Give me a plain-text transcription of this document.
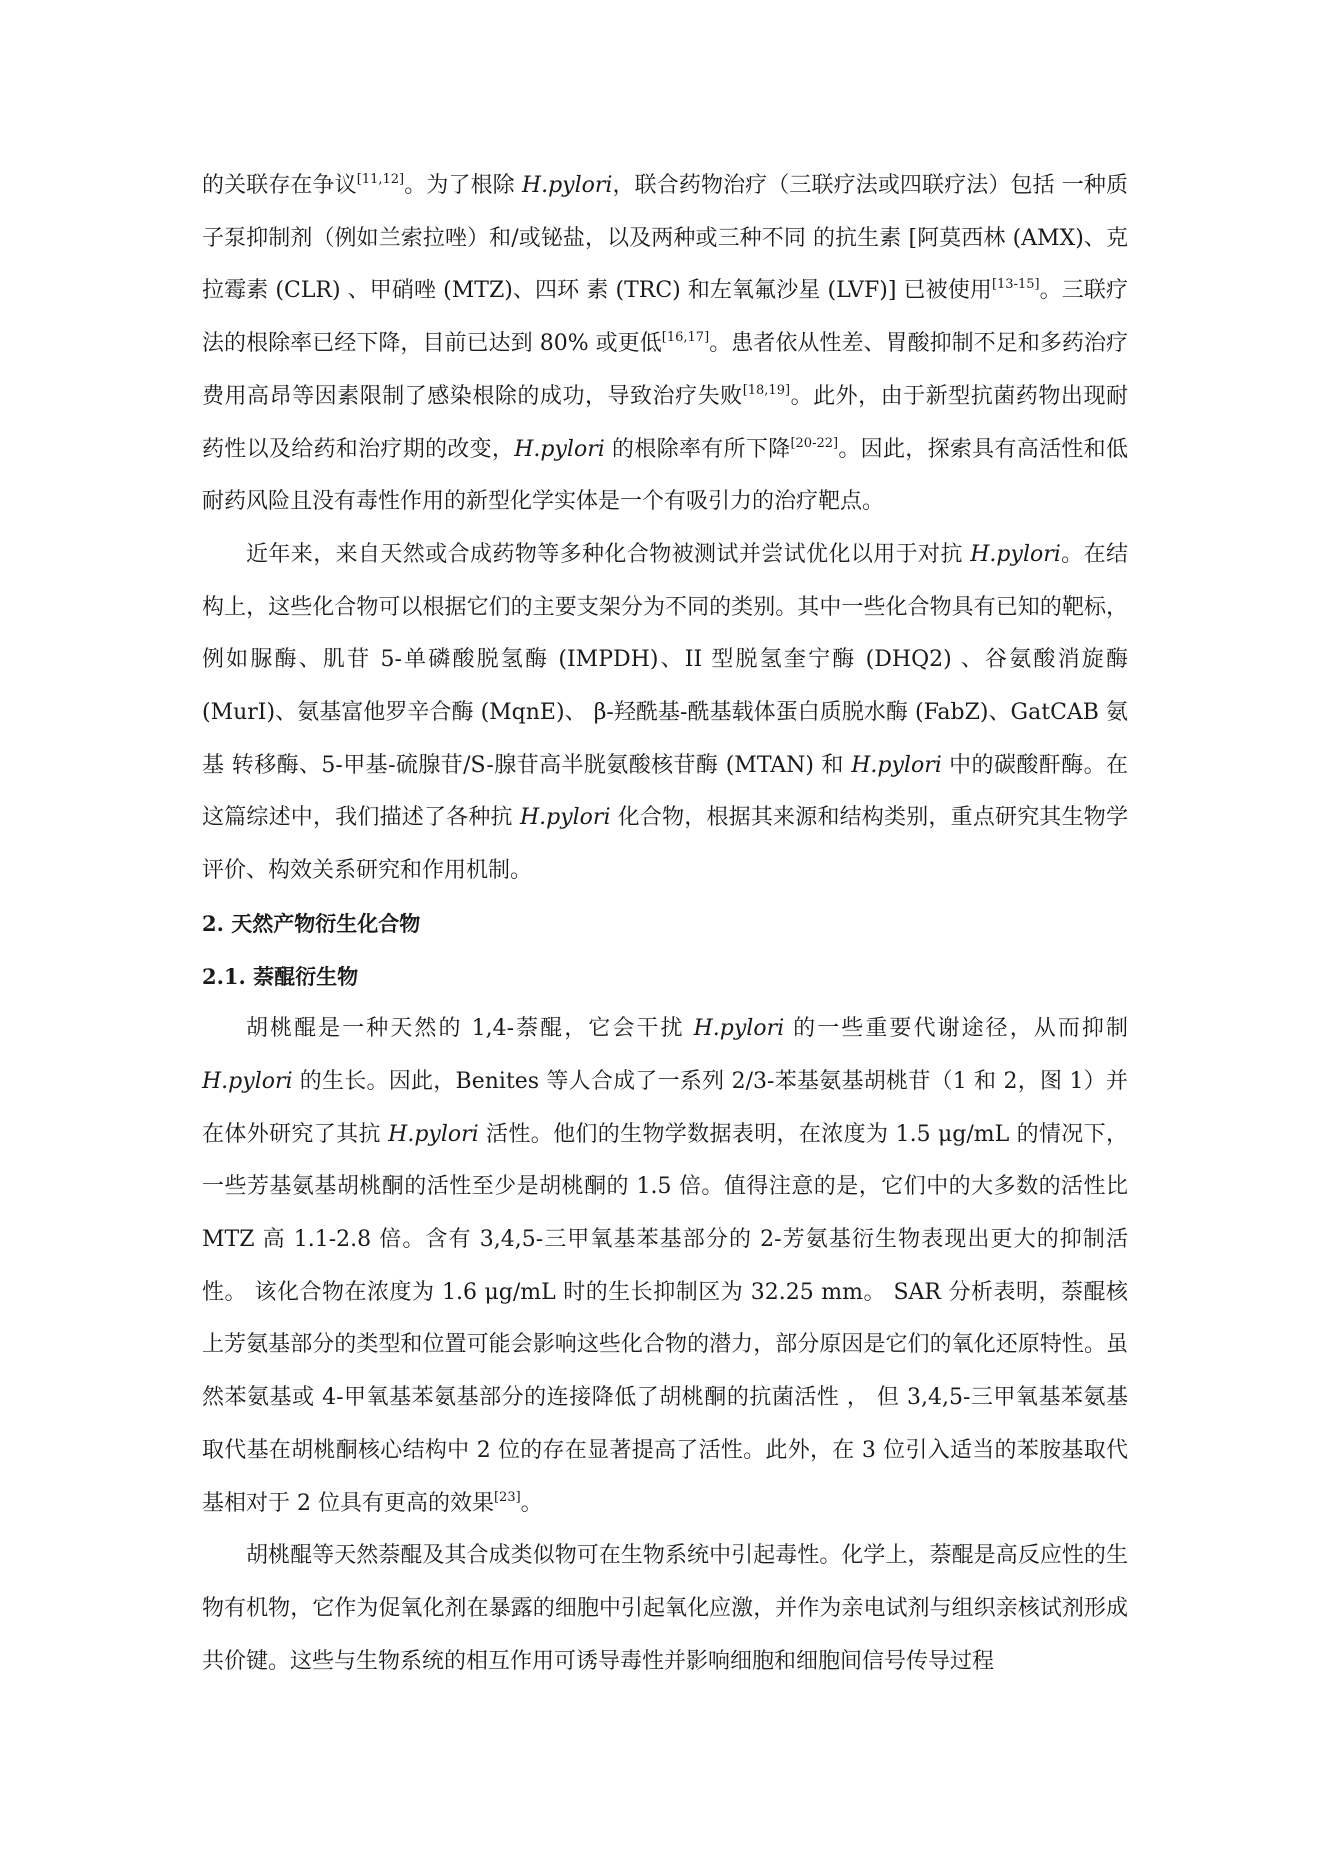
的关联存在争议[11,12]。为了根除 H.pylori，联合药物治疗（三联疗法或四联疗法）包括 一种质子泵抑制剂（例如兰索拉唑）和/或铋盐，以及两种或三种不同 的抗生素 [阿莫西林 (AMX)、克拉霉素 (CLR) 、甲硝唑 (MTZ)、四环 素 (TRC) 和左氧氟沙星 (LVF)] 已被使用[13-15]。三联疗法的根除率已经下降，目前已达到 80% 或更低[16,17]。患者依从性差、胃酸抑制不足和多药治疗费用高昂等因素限制了感染根除的成功，导致治疗失败[18,19]。此外，由于新型抗菌药物出现耐药性以及给药和治疗期的改变，H.pylori 的根除率有所下降[20-22]。因此，探索具有高活性和低耐药风险且没有毒性作用的新型化学实体是一个有吸引力的治疗靶点。

近年来，来自天然或合成药物等多种化合物被测试并尝试优化以用于对抗 H.pylori。在结构上，这些化合物可以根据它们的主要支架分为不同的类别。其中一些化合物具有已知的靶标，例如脲酶、肌苷 5-单磷酸脱氢酶 (IMPDH)、II 型脱氢奎宁酶 (DHQ2) 、谷氨酸消旋酶 (MurI)、氨基富他罗辛合酶 (MqnE)、 β-羟酰基-酰基载体蛋白质脱水酶 (FabZ)、GatCAB 氨基 转移酶、5-甲基-硫腺苷/S-腺苷高半胱氨酸核苷酶 (MTAN) 和 H.pylori 中的碳酸酐酶。在这篇综述中，我们描述了各种抗 H.pylori 化合物，根据其来源和结构类别，重点研究其生物学评价、构效关系研究和作用机制。

2. 天然产物衍生化合物

2.1. 萘醌衍生物

胡桃醌是一种天然的 1,4-萘醌，它会干扰 H.pylori 的一些重要代谢途径，从而抑制 H.pylori 的生长。因此，Benites 等人合成了一系列 2/3-苯基氨基胡桃苷（1 和 2，图 1）并在体外研究了其抗 H.pylori 活性。他们的生物学数据表明，在浓度为 1.5 μg/mL 的情况下，一些芳基氨基胡桃酮的活性至少是胡桃酮的 1.5 倍。值得注意的是，它们中的大多数的活性比 MTZ 高 1.1-2.8 倍。含有 3,4,5-三甲氧基苯基部分的 2-芳氨基衍生物表现出更大的抑制活性。 该化合物在浓度为 1.6 μg/mL 时的生长抑制区为 32.25 mm。 SAR 分析表明，萘醌核上芳氨基部分的类型和位置可能会影响这些化合物的潜力，部分原因是它们的氧化还原特性。虽然苯氨基或 4-甲氧基苯氨基部分的连接降低了胡桃酮的抗菌活性 ， 但 3,4,5-三甲氧基苯氨基取代基在胡桃酮核心结构中 2 位的存在显著提高了活性。此外，在 3 位引入适当的苯胺基取代基相对于 2 位具有更高的效果[23]。

胡桃醌等天然萘醌及其合成类似物可在生物系统中引起毒性。化学上，萘醌是高反应性的生物有机物，它作为促氧化剂在暴露的细胞中引起氧化应激，并作为亲电试剂与组织亲核试剂形成共价键。这些与生物系统的相互作用可诱导毒性并影响细胞和细胞间信号传导过程
